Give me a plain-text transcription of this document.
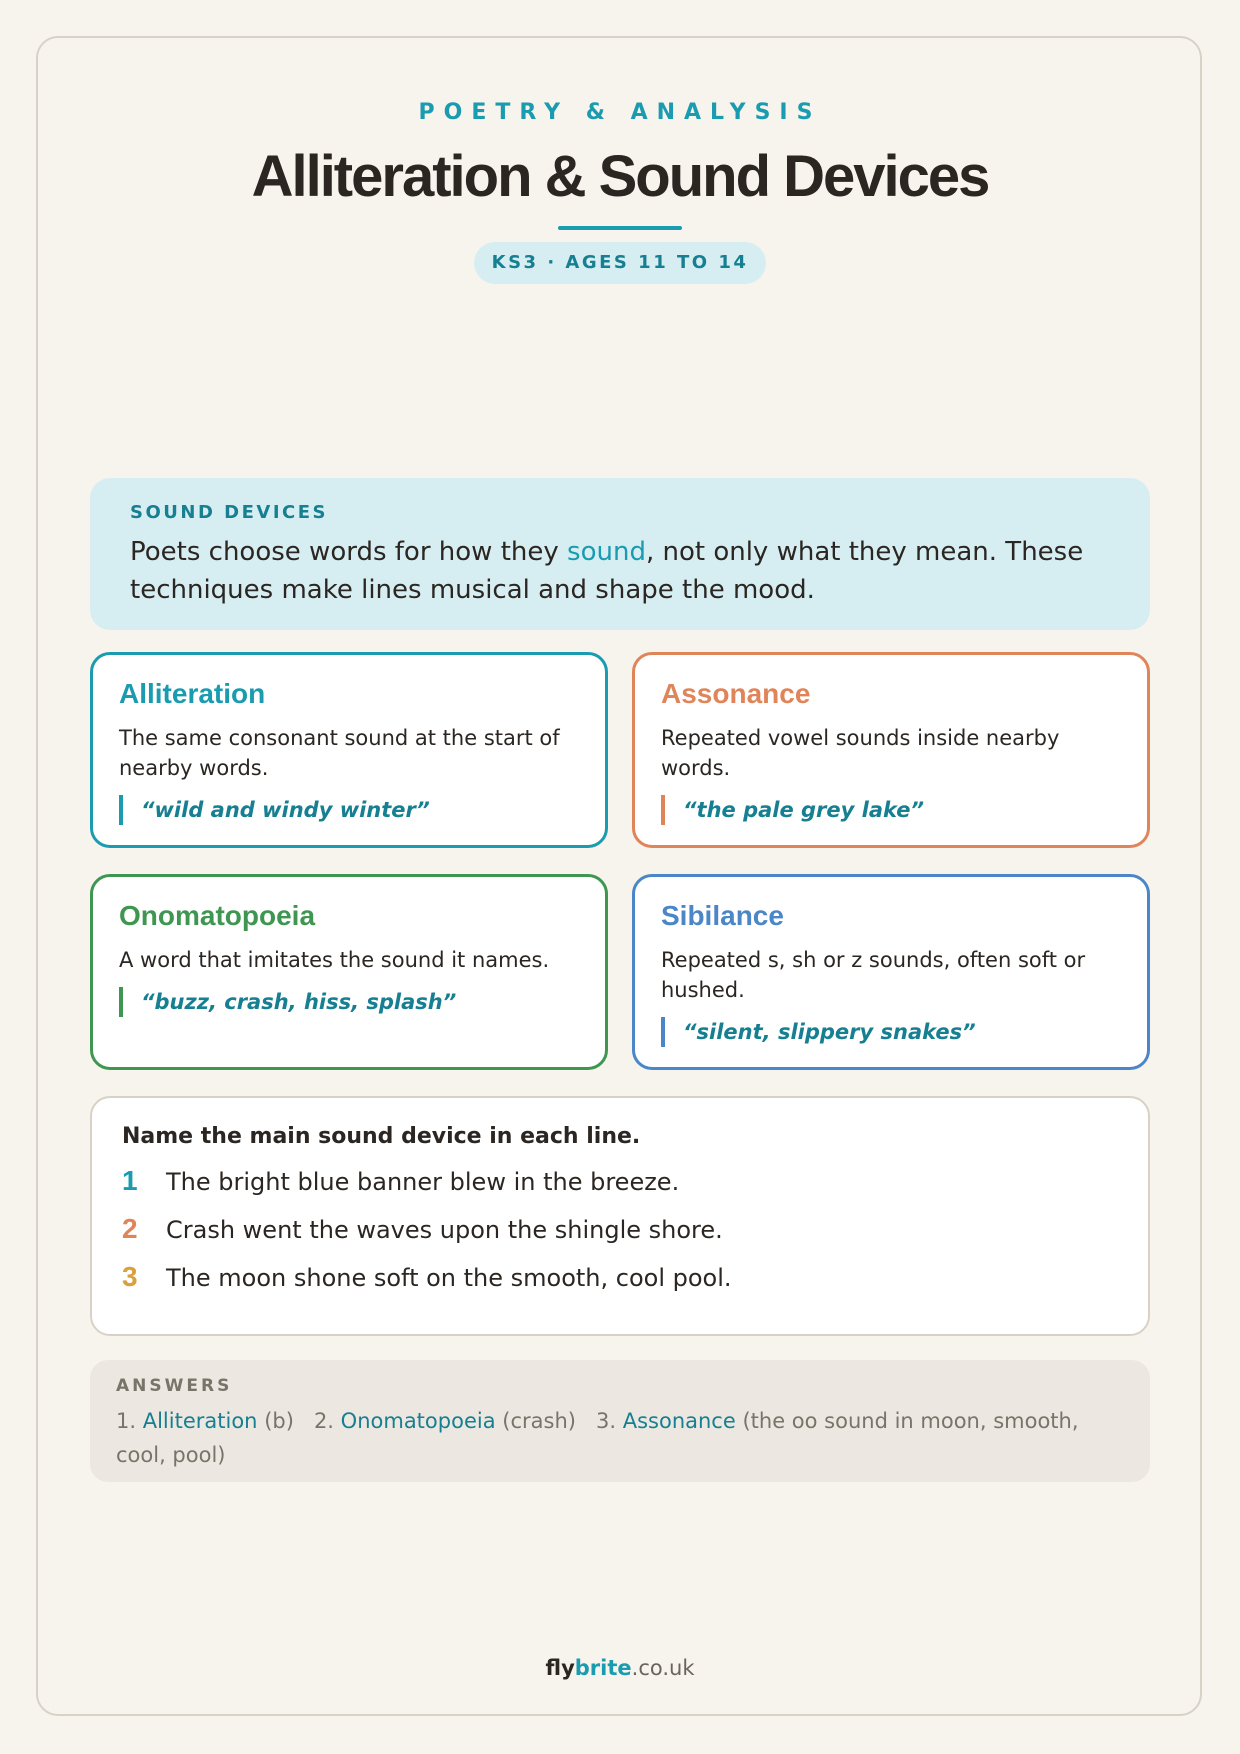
POETRY & ANALYSIS
Alliteration & Sound Devices
KS3 · AGES 11 TO 14
SOUND DEVICES
Poets choose words for how they sound, not only what they mean. These techniques make lines musical and shape the mood.
Alliteration
The same consonant sound at the start of nearby words.
“wild and windy winter”
Assonance
Repeated vowel sounds inside nearby words.
“the pale grey lake”
Onomatopoeia
A word that imitates the sound it names.
“buzz, crash, hiss, splash”
Sibilance
Repeated s, sh or z sounds, often soft or hushed.
“silent, slippery snakes”
Name the main sound device in each line.
1	The bright blue banner blew in the breeze.
2	Crash went the waves upon the shingle shore.
3	The moon shone soft on the smooth, cool pool.
ANSWERS
1. Alliteration (b) 2. Onomatopoeia (crash) 3. Assonance (the oo sound in moon, smooth, cool, pool)
flybrite.co.uk
